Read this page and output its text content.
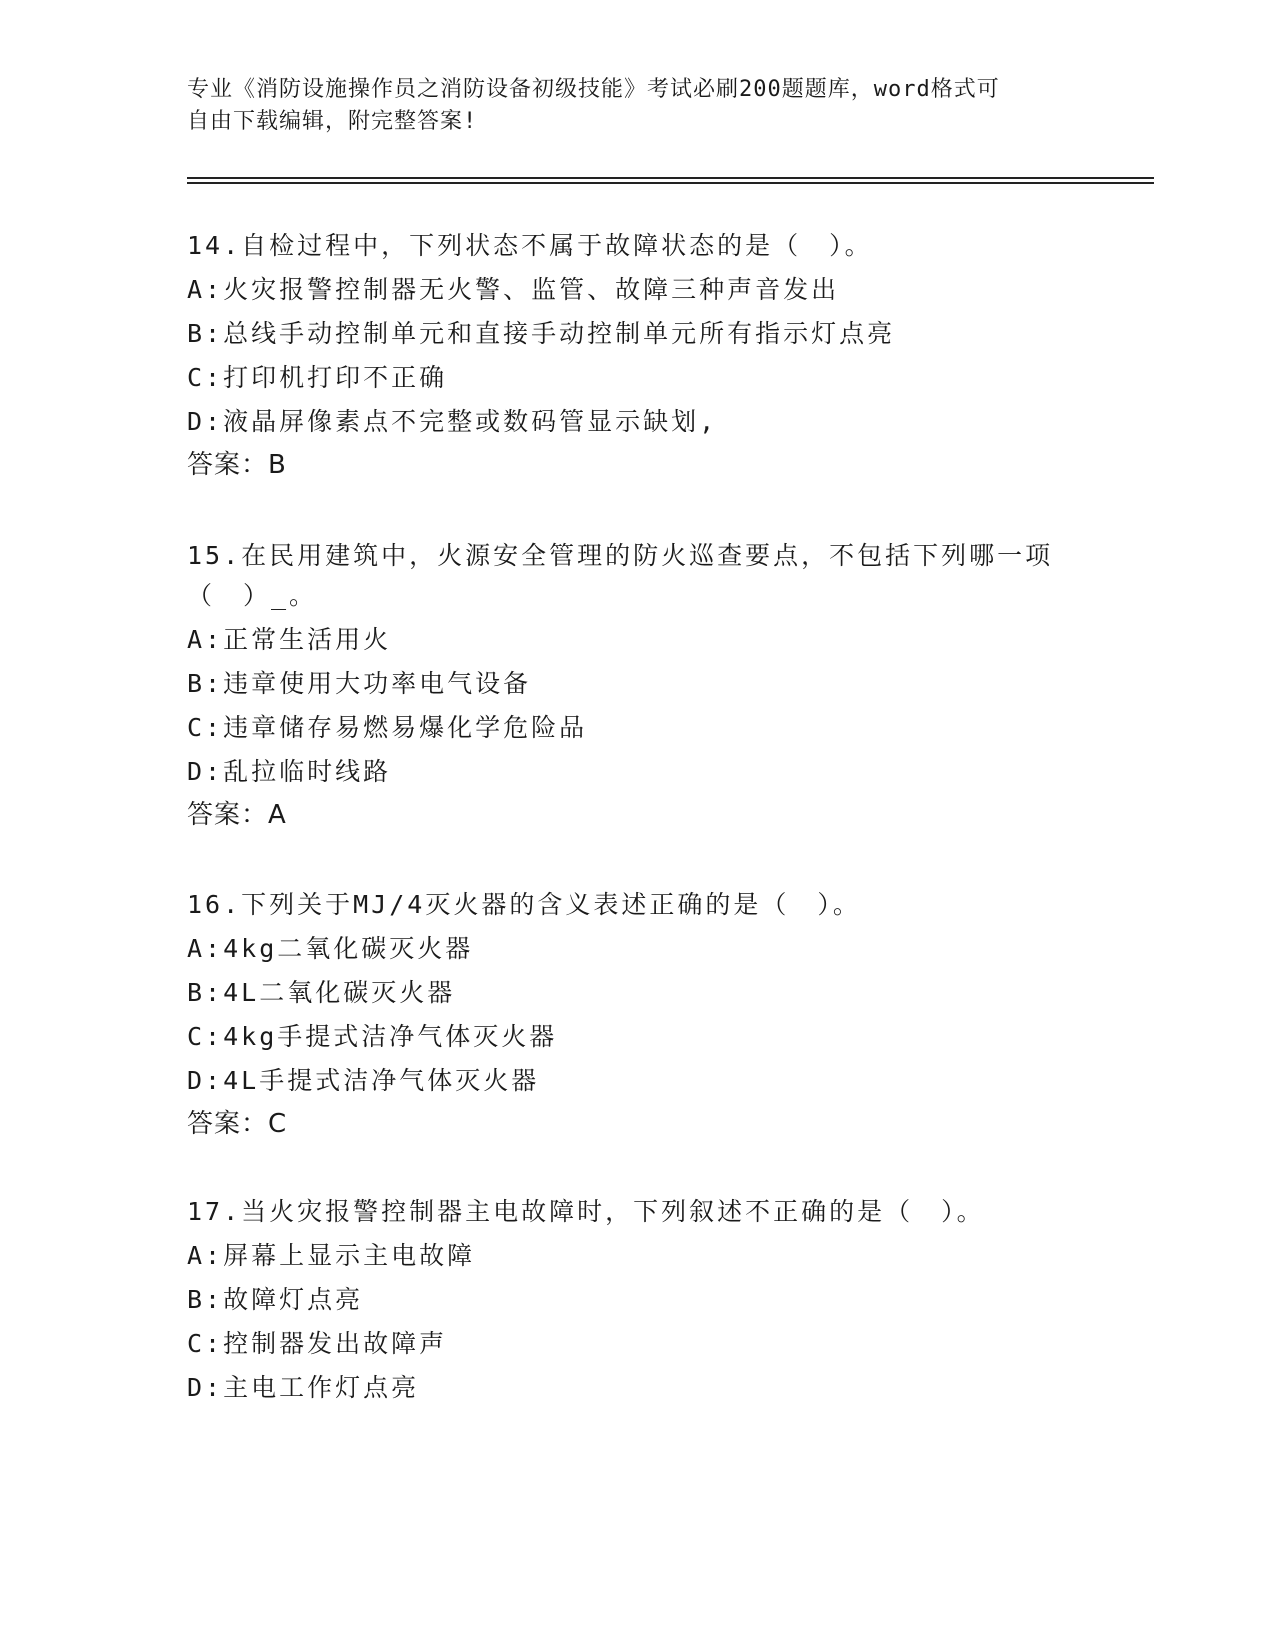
专业《消防设施操作员之消防设备初级技能》考试必刷200题题库，word格式可
自由下载编辑，附完整答案!
14.自检过程中，下列状态不属于故障状态的是（　）。
A:火灾报警控制器无火警、监管、故障三种声音发出
B:总线手动控制单元和直接手动控制单元所有指示灯点亮
C:打印机打印不正确
D:液晶屏像素点不完整或数码管显示缺划,
答案：B
15.在民用建筑中，火源安全管理的防火巡查要点，不包括下列哪一项
（　）_。
A:正常生活用火
B:违章使用大功率电气设备
C:违章储存易燃易爆化学危险品
D:乱拉临时线路
答案：A
16.下列关于MJ/4灭火器的含义表述正确的是（　）。
A:4kg二氧化碳灭火器
B:4L二氧化碳灭火器
C:4kg手提式洁净气体灭火器
D:4L手提式洁净气体灭火器
答案：C
17.当火灾报警控制器主电故障时，下列叙述不正确的是（　）。
A:屏幕上显示主电故障
B:故障灯点亮
C:控制器发出故障声
D:主电工作灯点亮
